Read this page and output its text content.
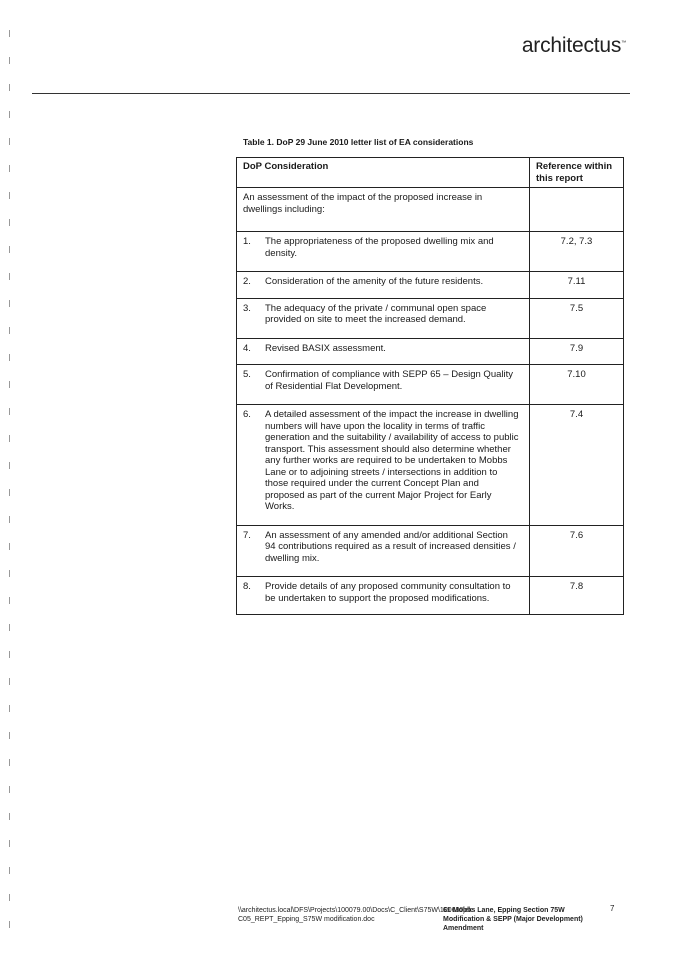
architectus™
Table 1. DoP 29 June 2010 letter list of EA considerations
DoP Consideration	Reference within this report
An assessment of the impact of the proposed increase in dwellings including:	
1. The appropriateness of the proposed dwelling mix and density.	7.2, 7.3
2. Consideration of the amenity of the future residents.	7.11
3. The adequacy of the private / communal open space provided on site to meet the increased demand.	7.5
4. Revised BASIX assessment.	7.9
5. Confirmation of compliance with SEPP 65 – Design Quality of Residential Flat Development.	7.10
6. A detailed assessment of the impact the increase in dwelling numbers will have upon the locality in terms of traffic generation and the suitability / availability of access to public transport. This assessment should also determine whether any further works are required to be undertaken to Mobbs Lane or to adjoining streets / intersections in addition to those required under the current Concept Plan and proposed as part of the current Major Project for Early Works.	7.4
7. An assessment of any amended and/or additional Section 94 contributions required as a result of increased densities / dwelling mix.	7.6
8. Provide details of any proposed community consultation to be undertaken to support the proposed modifications.	7.8
\\architectus.local\DFS\Projects\100079.00\Docs\C_Client\S75W\100630jek-C05_REPT_Epping_S75W modification.doc
61 Mobbs Lane, Epping Section 75W Modification & SEPP (Major Development) Amendment
7
